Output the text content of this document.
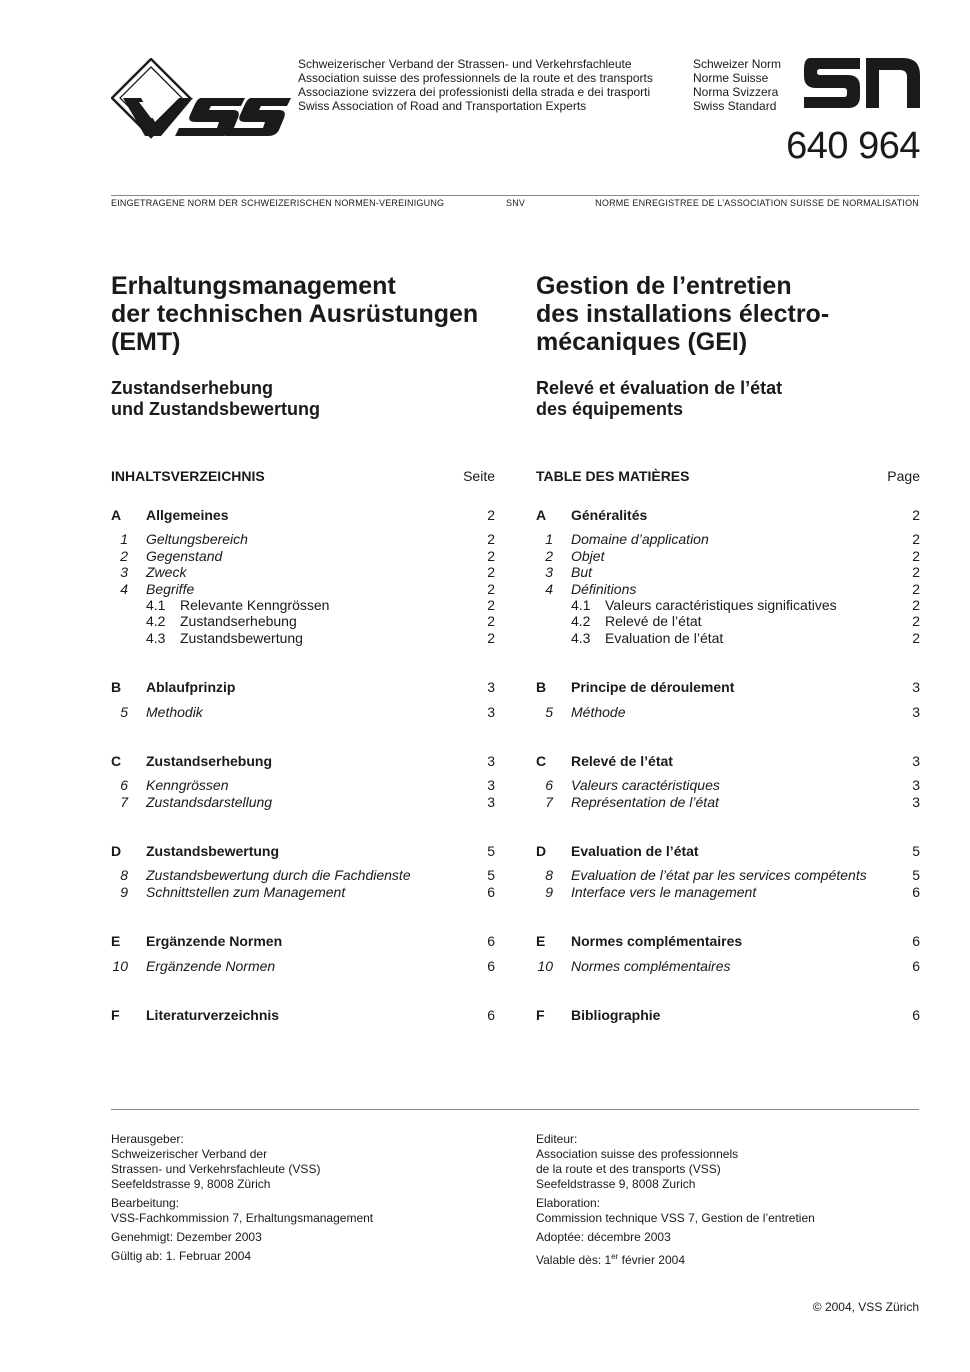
Schweizerischer Verband der Strassen- und Verkehrsfachleute
Association suisse des professionnels de la route et des transports
Associazione svizzera dei professionisti della strada e dei trasporti
Swiss Association of Road and Transportation Experts
Schweizer Norm
Norme Suisse
Norma Svizzera
Swiss Standard
640 964
EINGETRAGENE NORM DER SCHWEIZERISCHEN NORMEN-VEREINIGUNG	SNV	NORME ENREGISTREE DE L’ASSOCIATION SUISSE DE NORMALISATION
Erhaltungsmanagement
der technischen Ausrüstungen
(EMT)
Gestion de l’entretien
des installations électro-
mécaniques (GEI)
Zustandserhebung
und Zustandsbewertung
Relevé et évaluation de l’état
des équipements
INHALTSVERZEICHNIS	Seite
A	Allgemeines	2
1 Geltungsbereich	2
2 Gegenstand	2
3 Zweck	2
4 Begriffe	2
4.1 Relevante Kenngrössen	2
4.2 Zustandserhebung	2
4.3 Zustandsbewertung	2
B	Ablaufprinzip	3
5 Methodik	3
C	Zustandserhebung	3
6 Kenngrössen	3
7 Zustandsdarstellung	3
D	Zustandsbewertung	5
8 Zustandsbewertung durch die Fachdienste	5
9 Schnittstellen zum Management	6
E	Ergänzende Normen	6
10 Ergänzende Normen	6
F	Literaturverzeichnis	6
TABLE DES MATIÈRES	Page
A	Généralités	2
1 Domaine d’application	2
2 Objet	2
3 But	2
4 Définitions	2
4.1 Valeurs caractéristiques significatives	2
4.2 Relevé de l’état	2
4.3 Evaluation de l’état	2
B	Principe de déroulement	3
5 Méthode	3
C	Relevé de l’état	3
6 Valeurs caractéristiques	3
7 Représentation de l’état	3
D	Evaluation de l’état	5
8 Evaluation de l’état par les services compétents	5
9 Interface vers le management	6
E	Normes complémentaires	6
10 Normes complémentaires	6
F	Bibliographie	6

Herausgeber:

Schweizerischer Verband der

Strassen- und Verkehrsfachleute (VSS)

Seefeldstrasse 9, 8008 Zürich

Bearbeitung:

VSS-Fachkommission 7, Erhaltungsmanagement

Genehmigt: Dezember 2003

Gültig ab: 1. Februar 2004

Editeur:

Association suisse des professionnels

de la route et des transports (VSS)

Seefeldstrasse 9, 8008 Zurich

Elaboration:

Commission technique VSS 7, Gestion de l’entretien

Adoptée: décembre 2003

Valable dès: 1er février 2004

© 2004, VSS Zürich
